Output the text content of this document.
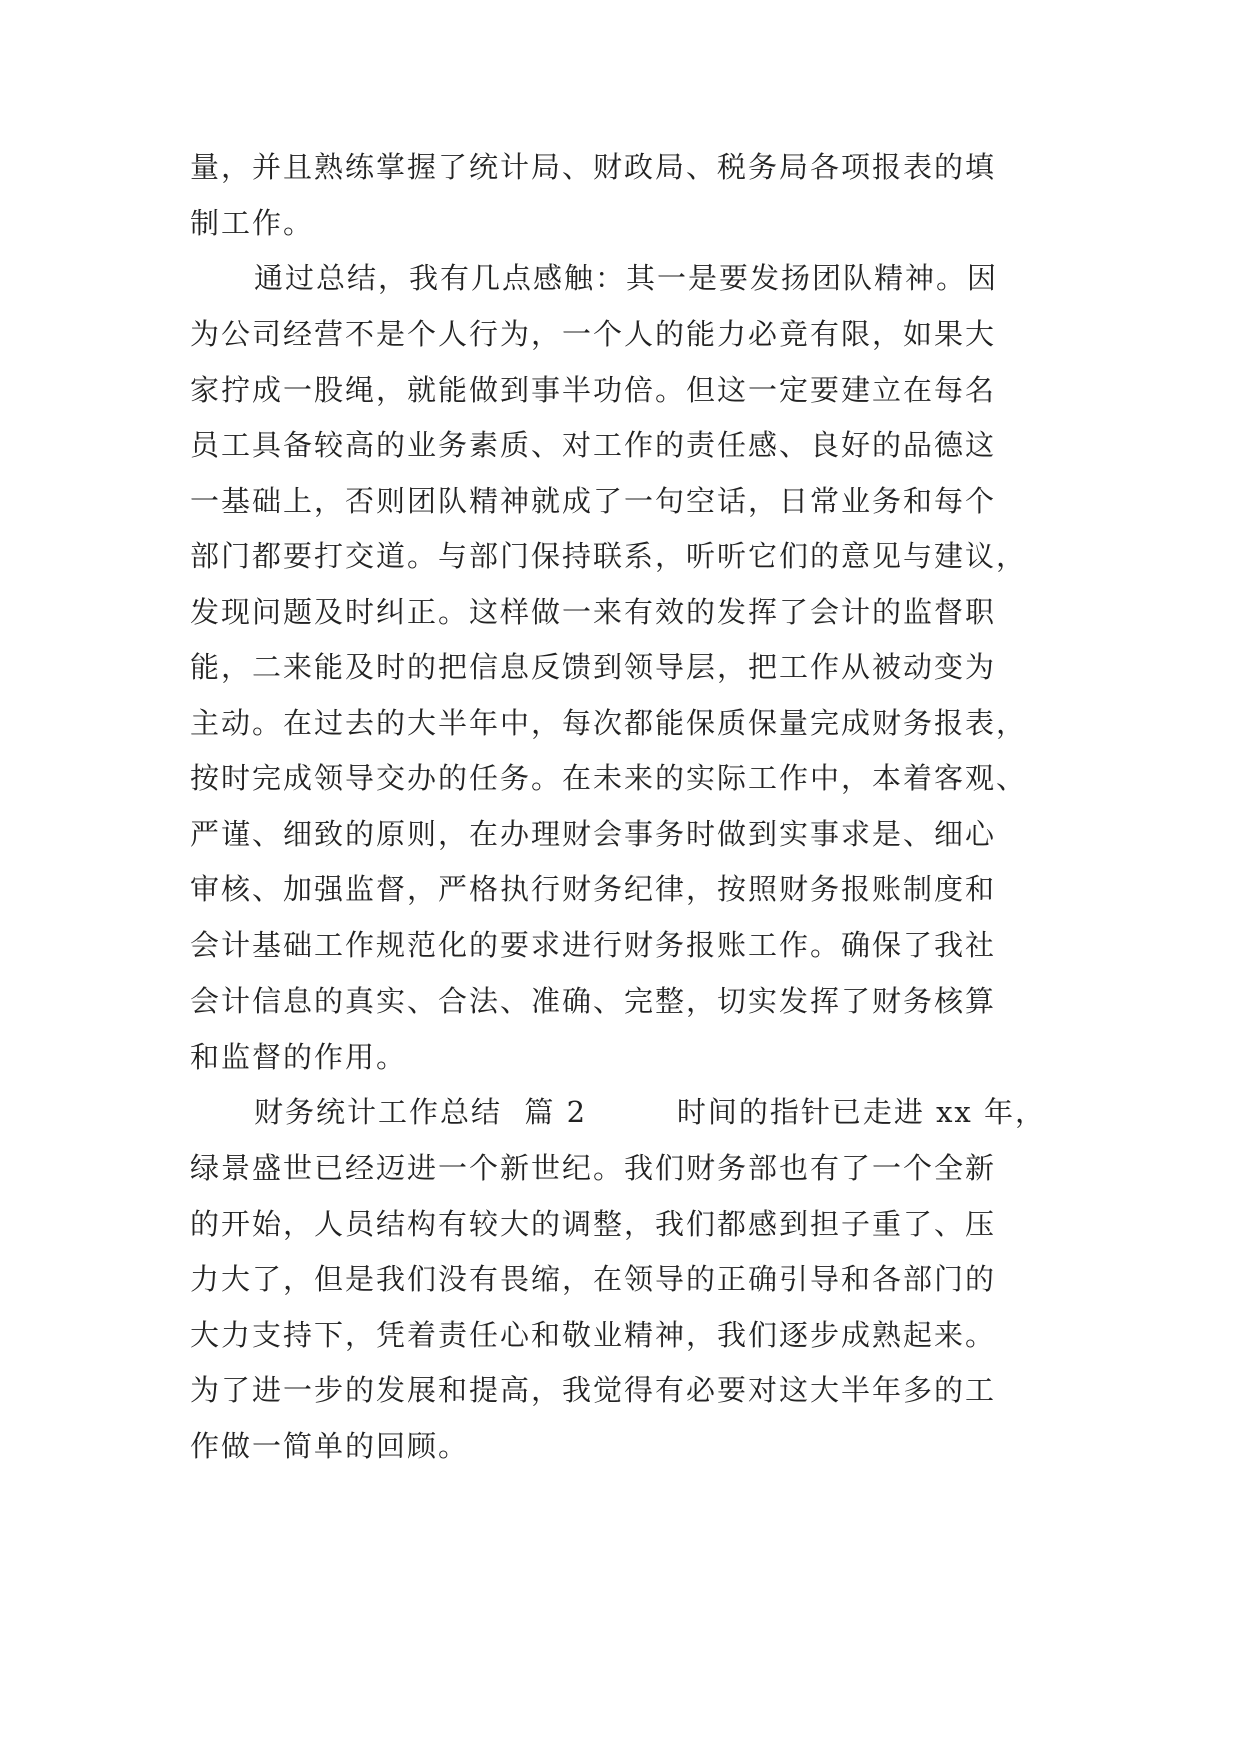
量，并且熟练掌握了统计局、财政局、税务局各项报表的填
制工作。
通过总结，我有几点感触：其一是要发扬团队精神。因
为公司经营不是个人行为，一个人的能力必竟有限，如果大
家拧成一股绳，就能做到事半功倍。但这一定要建立在每名
员工具备较高的业务素质、对工作的责任感、良好的品德这
一基础上，否则团队精神就成了一句空话，日常业务和每个
部门都要打交道。与部门保持联系，听听它们的意见与建议，
发现问题及时纠正。这样做一来有效的发挥了会计的监督职
能，二来能及时的把信息反馈到领导层，把工作从被动变为
主动。在过去的大半年中，每次都能保质保量完成财务报表，
按时完成领导交办的任务。在未来的实际工作中，本着客观、
严谨、细致的原则，在办理财会事务时做到实事求是、细心
审核、加强监督，严格执行财务纪律，按照财务报账制度和
会计基础工作规范化的要求进行财务报账工作。确保了我社
会计信息的真实、合法、准确、完整，切实发挥了财务核算
和监督的作用。
财务统计工作总结  篇 2        时间的指针已走进 xx 年，
绿景盛世已经迈进一个新世纪。我们财务部也有了一个全新
的开始，人员结构有较大的调整，我们都感到担子重了、压
力大了，但是我们没有畏缩，在领导的正确引导和各部门的
大力支持下，凭着责任心和敬业精神，我们逐步成熟起来。
为了进一步的发展和提高，我觉得有必要对这大半年多的工
作做一简单的回顾。
